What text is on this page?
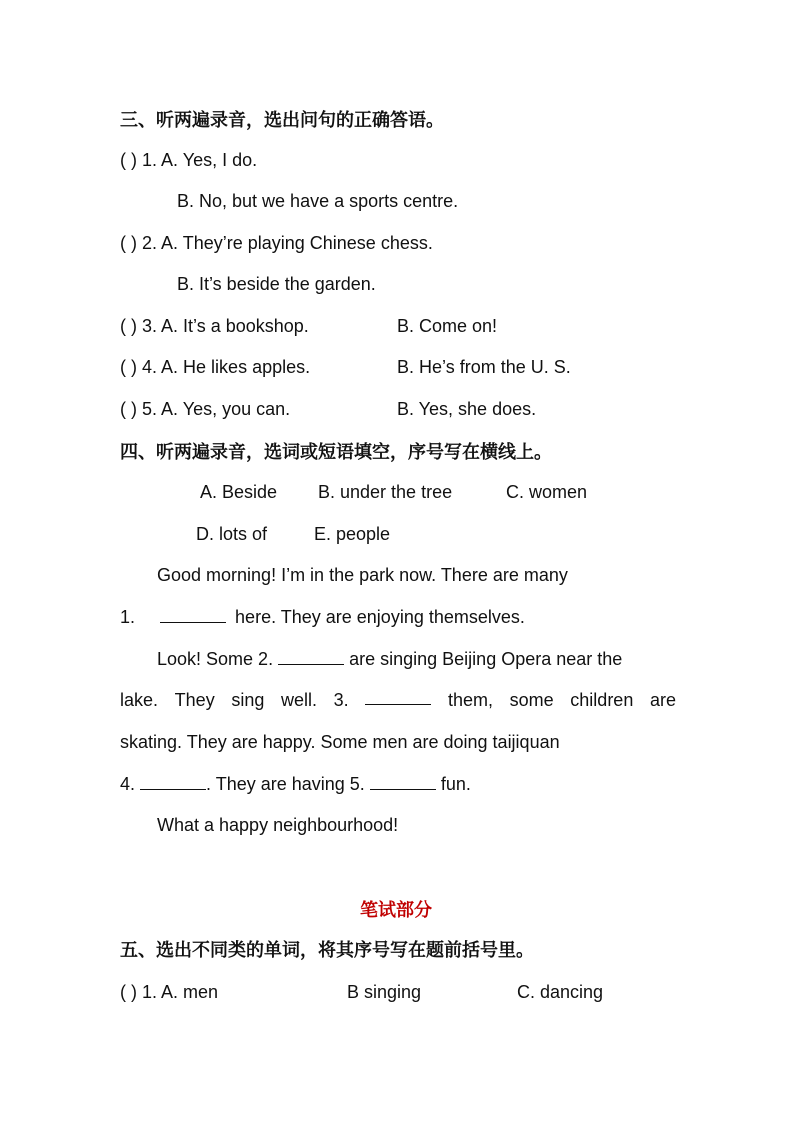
三、听两遍录音，选出问句的正确答语。
( ) 1. A. Yes, I do.
B. No, but we have a sports centre.
( ) 2. A. They’re playing Chinese chess.
B. It’s beside the garden.
( ) 3. A. It’s a bookshop.	B. Come on!
( ) 4. A. He likes apples.	B. He’s from the U. S.
( ) 5. A. Yes, you can.	B. Yes, she does.
四、听两遍录音，选词或短语填空，序号写在横线上。
A. Beside B. under the tree	C. women
D. lots of	E. people
Good morning! I’m in the park now. There are many
1.	here. They are enjoying themselves.
Look! Some 2.	are singing Beijing Opera near the
lake. They sing well. 3.	them, some children are
skating. They are happy. Some men are doing taijiquan
4.	. They are having 5.	fun.
What a happy neighbourhood!
笔试部分
五、选出不同类的单词，将其序号写在题前括号里。
( ) 1. A. men	B singing	C. dancing
